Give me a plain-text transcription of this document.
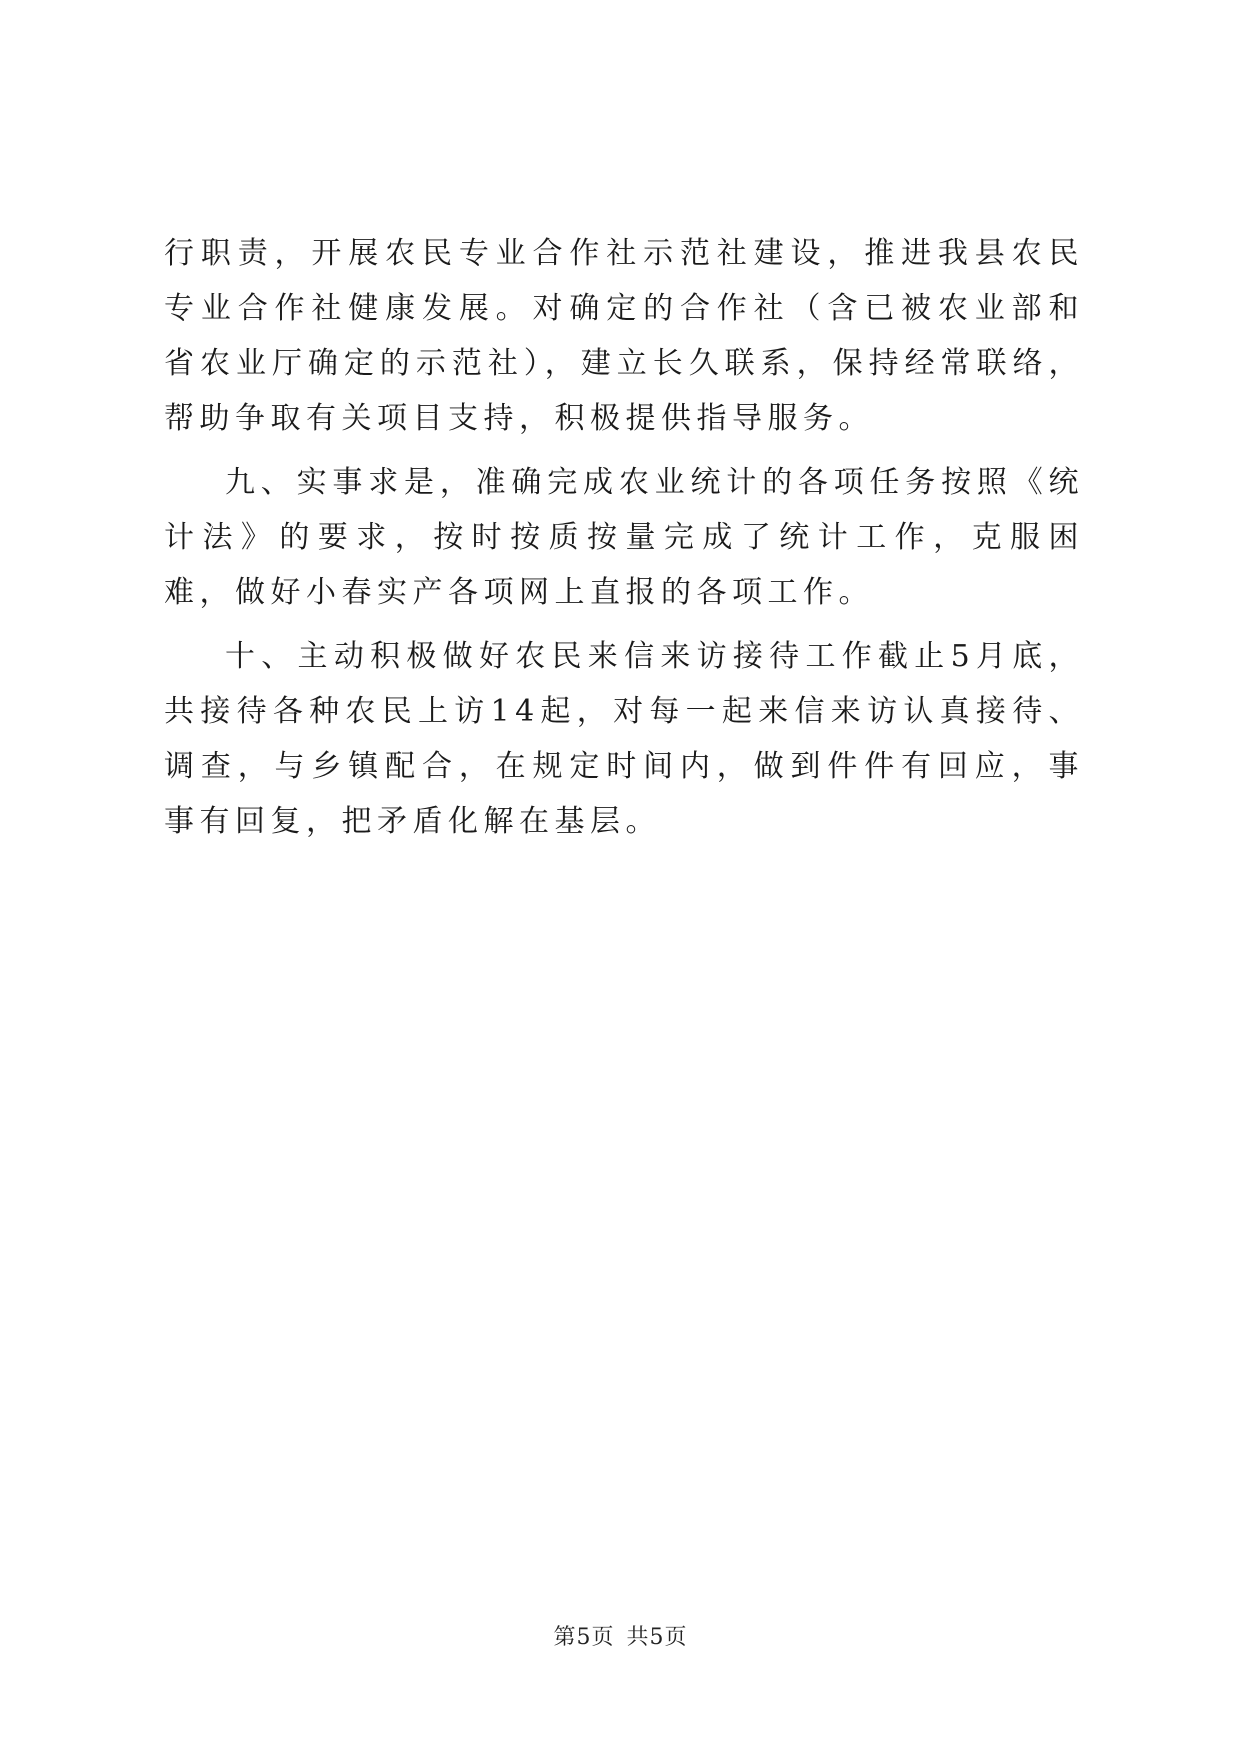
行职责，开展农民专业合作社示范社建设，推进我县农民专业合作社健康发展。对确定的合作社（含已被农业部和省农业厅确定的示范社），建立长久联系，保持经常联络，帮助争取有关项目支持，积极提供指导服务。

九、实事求是，准确完成农业统计的各项任务按照《统计法》的要求，按时按质按量完成了统计工作，克服困难，做好小春实产各项网上直报的各项工作。

十、主动积极做好农民来信来访接待工作截止5月底，共接待各种农民上访14起，对每一起来信来访认真接待、调查，与乡镇配合，在规定时间内，做到件件有回应，事事有回复，把矛盾化解在基层。

第5页 共5页
